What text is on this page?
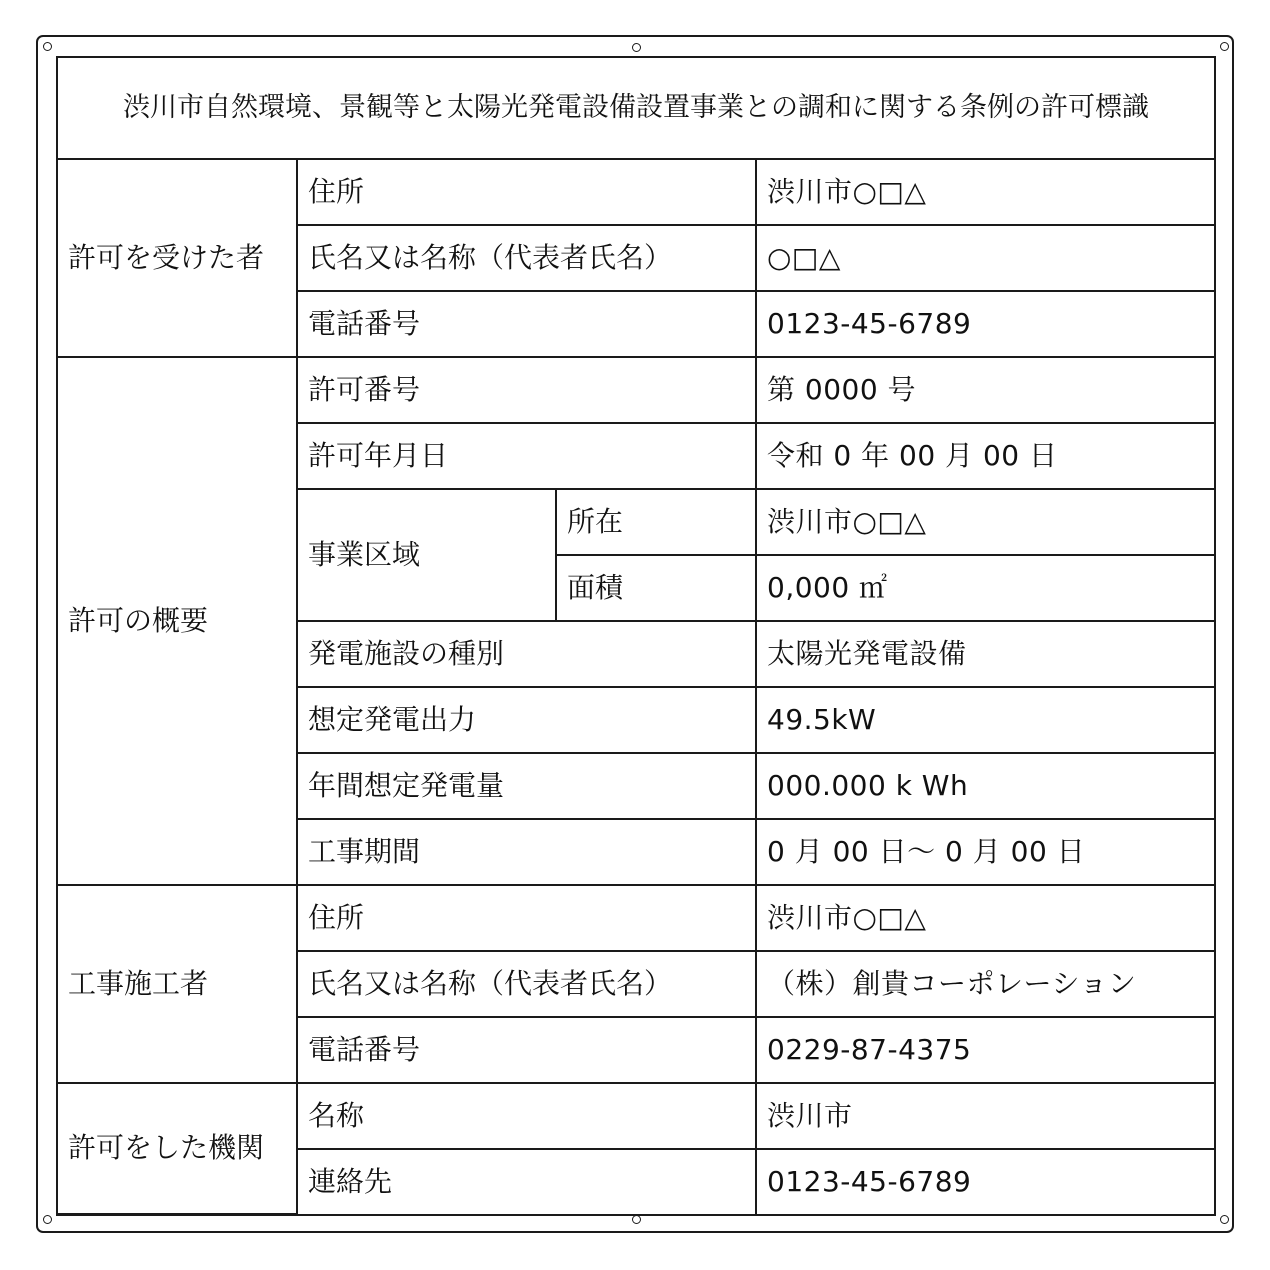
渋川市自然環境、景観等と太陽光発電設備設置事業との調和に関する条例の許可標識			
許可を受けた者	住所		渋川市○□△
	氏名又は名称（代表者氏名）		○□△
	電話番号		0123-45-6789
許可の概要	許可番号		第 0000 号
	許可年月日		令和 0 年 00 月 00 日
	事業区域	所在	渋川市○□△
		面積	0,000 ㎡
	発電施設の種別		太陽光発電設備
	想定発電出力		49.5kW
	年間想定発電量		000.000 k Wh
	工事期間		0 月 00 日～ 0 月 00 日
工事施工者	住所		渋川市○□△
	氏名又は名称（代表者氏名）		（株）創貴コーポレーション
	電話番号		0229-87-4375
許可をした機関	名称		渋川市
	連絡先		0123-45-6789
